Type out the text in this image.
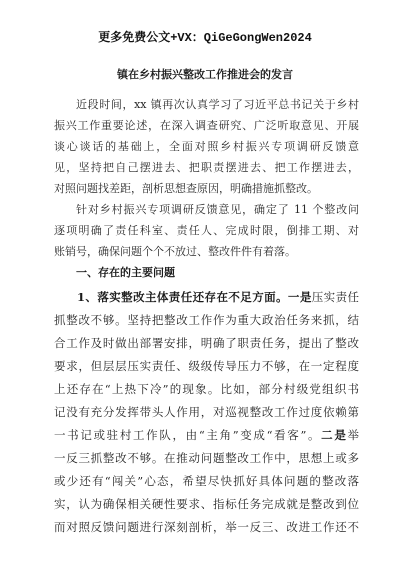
更多免费公文+VX：QiGeGongWen2024
镇在乡村振兴整改工作推进会的发言
近段时间，xx 镇再次认真学习了习近平总书记关于乡村
振兴工作重要论述，在深入调查研究、广泛听取意见、开展
谈心谈话的基础上，全面对照乡村振兴专项调研反馈意
见，坚持把自己摆进去、把职责摆进去、把工作摆进去，
对照问题找差距，剖析思想查原因，明确措施抓整改。
针对乡村振兴专项调研反馈意见，确定了 11 个整改问
逐项明确了责任科室、责任人、完成时限，倒排工期、对
账销号，确保问题个个不放过、整改件件有着落。
一、存在的主要问题
1、落实整改主体责任还存在不足方面。一是压实责任
抓整改不够。坚持把整改工作作为重大政治任务来抓，结
合工作及时做出部署安排，明确了职责任务，提出了整改
要求，但层层压实责任、级级传导压力不够，在一定程度
上还存在“上热下冷”的现象。比如，部分村级党组织书
记没有充分发挥带头人作用，对巡视整改工作过度依赖第
一书记或驻村工作队，由“主角”变成“看客”。二是举
一反三抓整改不够。在推动问题整改工作中，思想上或多
或少还有“闯关”心态，希望尽快抓好具体问题的整改落
实，认为确保相关硬性要求、指标任务完成就是整改到位
而对照反馈问题进行深刻剖析，举一反三、改进工作还不
